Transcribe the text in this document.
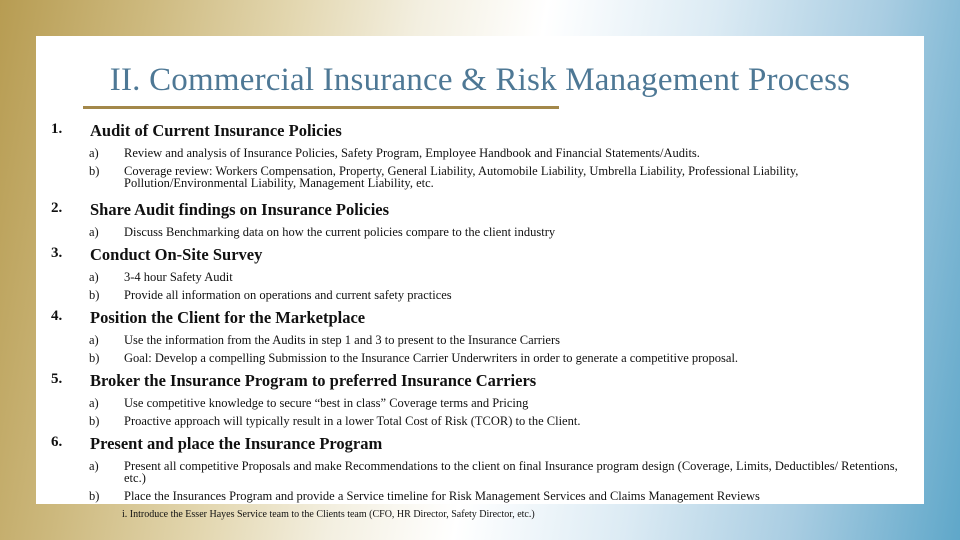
II. Commercial Insurance & Risk Management Process
1. Audit of Current Insurance Policies
a) Review and analysis of Insurance Policies, Safety Program, Employee Handbook and Financial Statements/Audits.
b) Coverage review: Workers Compensation, Property, General Liability, Automobile Liability, Umbrella Liability, Professional Liability, Pollution/Environmental Liability, Management Liability, etc.
2. Share Audit findings on Insurance Policies
a) Discuss Benchmarking data on how the current policies compare to the client industry
3. Conduct On-Site Survey
a) 3-4 hour Safety Audit
b) Provide all information on operations and current safety practices
4. Position the Client for the Marketplace
a) Use the information from the Audits in step 1 and 3 to present to the Insurance Carriers
b) Goal: Develop a compelling Submission to the Insurance Carrier Underwriters in order to generate a competitive proposal.
5. Broker the Insurance Program to preferred Insurance Carriers
a) Use competitive knowledge to secure “best in class” Coverage terms and Pricing
b) Proactive approach will typically result in a lower Total Cost of Risk (TCOR) to the Client.
6. Present and place the Insurance Program
a) Present all competitive Proposals and make Recommendations to the client on final Insurance program design (Coverage, Limits, Deductibles/ Retentions, etc.)
b) Place the Insurances Program and provide a Service timeline for Risk Management Services and Claims Management Reviews
i. Introduce the Esser Hayes Service team to the Clients team (CFO, HR Director, Safety Director, etc.)
